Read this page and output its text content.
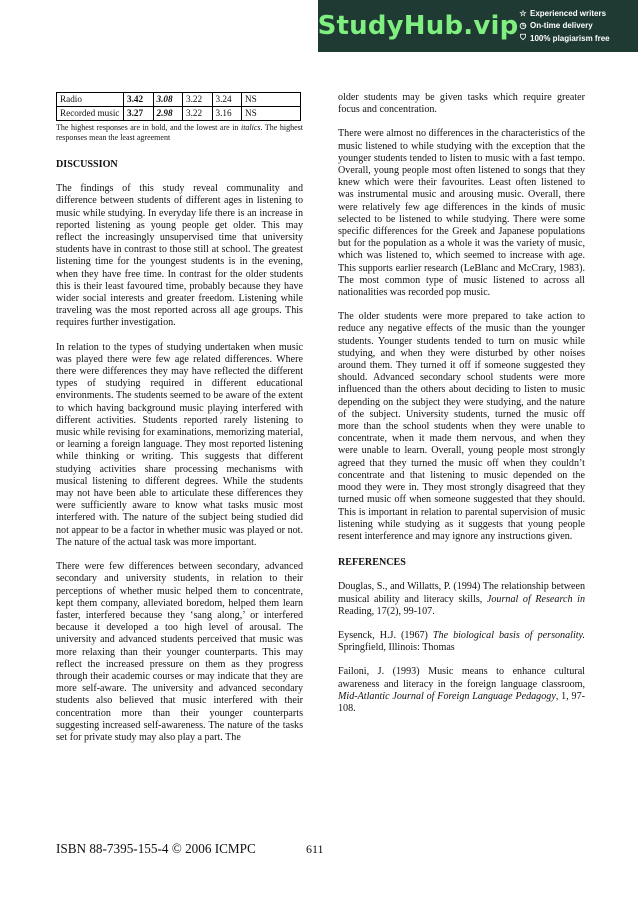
StudyHub.vip ☆ Experienced writers
◷ On-time delivery
⛉ 100% plagiarism free
Radio	3.42	3.08	3.22	3.24	NS
Recorded music	3.27	2.98	3.22	3.16	NS

The highest responses are in bold, and the lowest are in italics. The highest responses mean the least agreement

DISCUSSION

The findings of this study reveal communality and difference between students of different ages in listening to music while studying. In everyday life there is an increase in reported listening as young people get older. This may reflect the increasingly unsupervised time that university students have in contrast to those still at school. The greatest listening time for the youngest students is in the evening, when they have free time. In contrast for the older students this is their least favoured time, probably because they have wider social interests and greater freedom. Listening while traveling was the most reported across all age groups. This requires further investigation.

In relation to the types of studying undertaken when music was played there were few age related differences. Where there were differences they may have reflected the different types of studying required in different educational environments. The students seemed to be aware of the extent to which having background music playing interfered with different activities. Students reported rarely listening to music while revising for examinations, memorizing material, or learning a foreign language. They most reported listening while thinking or writing. This suggests that different studying activities share processing mechanisms with musical listening to different degrees. While the students may not have been able to articulate these differences they were sufficiently aware to know what tasks music most interfered with. The nature of the subject being studied did not appear to be a factor in whether music was played or not. The nature of the actual task was more important.

There were few differences between secondary, advanced secondary and university students, in relation to their perceptions of whether music helped them to concentrate, kept them company, alleviated boredom, helped them learn faster, interfered because they ‘sang along,’ or interfered because it developed a too high level of arousal. The university and advanced students perceived that music was more relaxing than their younger counterparts. This may reflect the increased pressure on them as they progress through their academic courses or may indicate that they are more self-aware. The university and advanced secondary students also believed that music interfered with their concentration more than their younger counterparts suggesting increased self-awareness. The nature of the tasks set for private study may also play a part. The

older students may be given tasks which require greater focus and concentration.

There were almost no differences in the characteristics of the music listened to while studying with the exception that the younger students tended to listen to music with a fast tempo. Overall, young people most often listened to songs that they knew which were their favourites. Least often listened to was instrumental music and arousing music. Overall, there were relatively few age differences in the kinds of music selected to be listened to while studying. There were some specific differences for the Greek and Japanese populations but for the population as a whole it was the variety of music, which was listened to, which seemed to increase with age. This supports earlier research (LeBlanc and McCrary, 1983). The most common type of music listened to across all nationalities was recorded pop music.

The older students were more prepared to take action to reduce any negative effects of the music than the younger students. Younger students tended to turn on music while studying, and when they were disturbed by other noises around them. They turned it off if someone suggested they should. Advanced secondary school students were more influenced than the others about deciding to listen to music depending on the subject they were studying, and the nature of the subject. University students, turned the music off more than the school students when they were unable to concentrate, when it made them nervous, and when they were unable to learn. Overall, young people most strongly agreed that they turned the music off when they couldn’t concentrate and that listening to music depended on the mood they were in. They most strongly disagreed that they turned music off when someone suggested that they should. This is important in relation to parental supervision of music listening while studying as it suggests that young people resent interference and may ignore any instructions given.

REFERENCES

Douglas, S., and Willatts, P. (1994) The relationship between musical ability and literacy skills, Journal of Research in Reading, 17(2), 99-107.

Eysenck, H.J. (1967) The biological basis of personality. Springfield, Illinois: Thomas

Failoni, J. (1993) Music means to enhance cultural awareness and literacy in the foreign language classroom, Mid-Atlantic Journal of Foreign Language Pedagogy, 1, 97-108.

ISBN 88-7395-155-4 © 2006 ICMPC	611
